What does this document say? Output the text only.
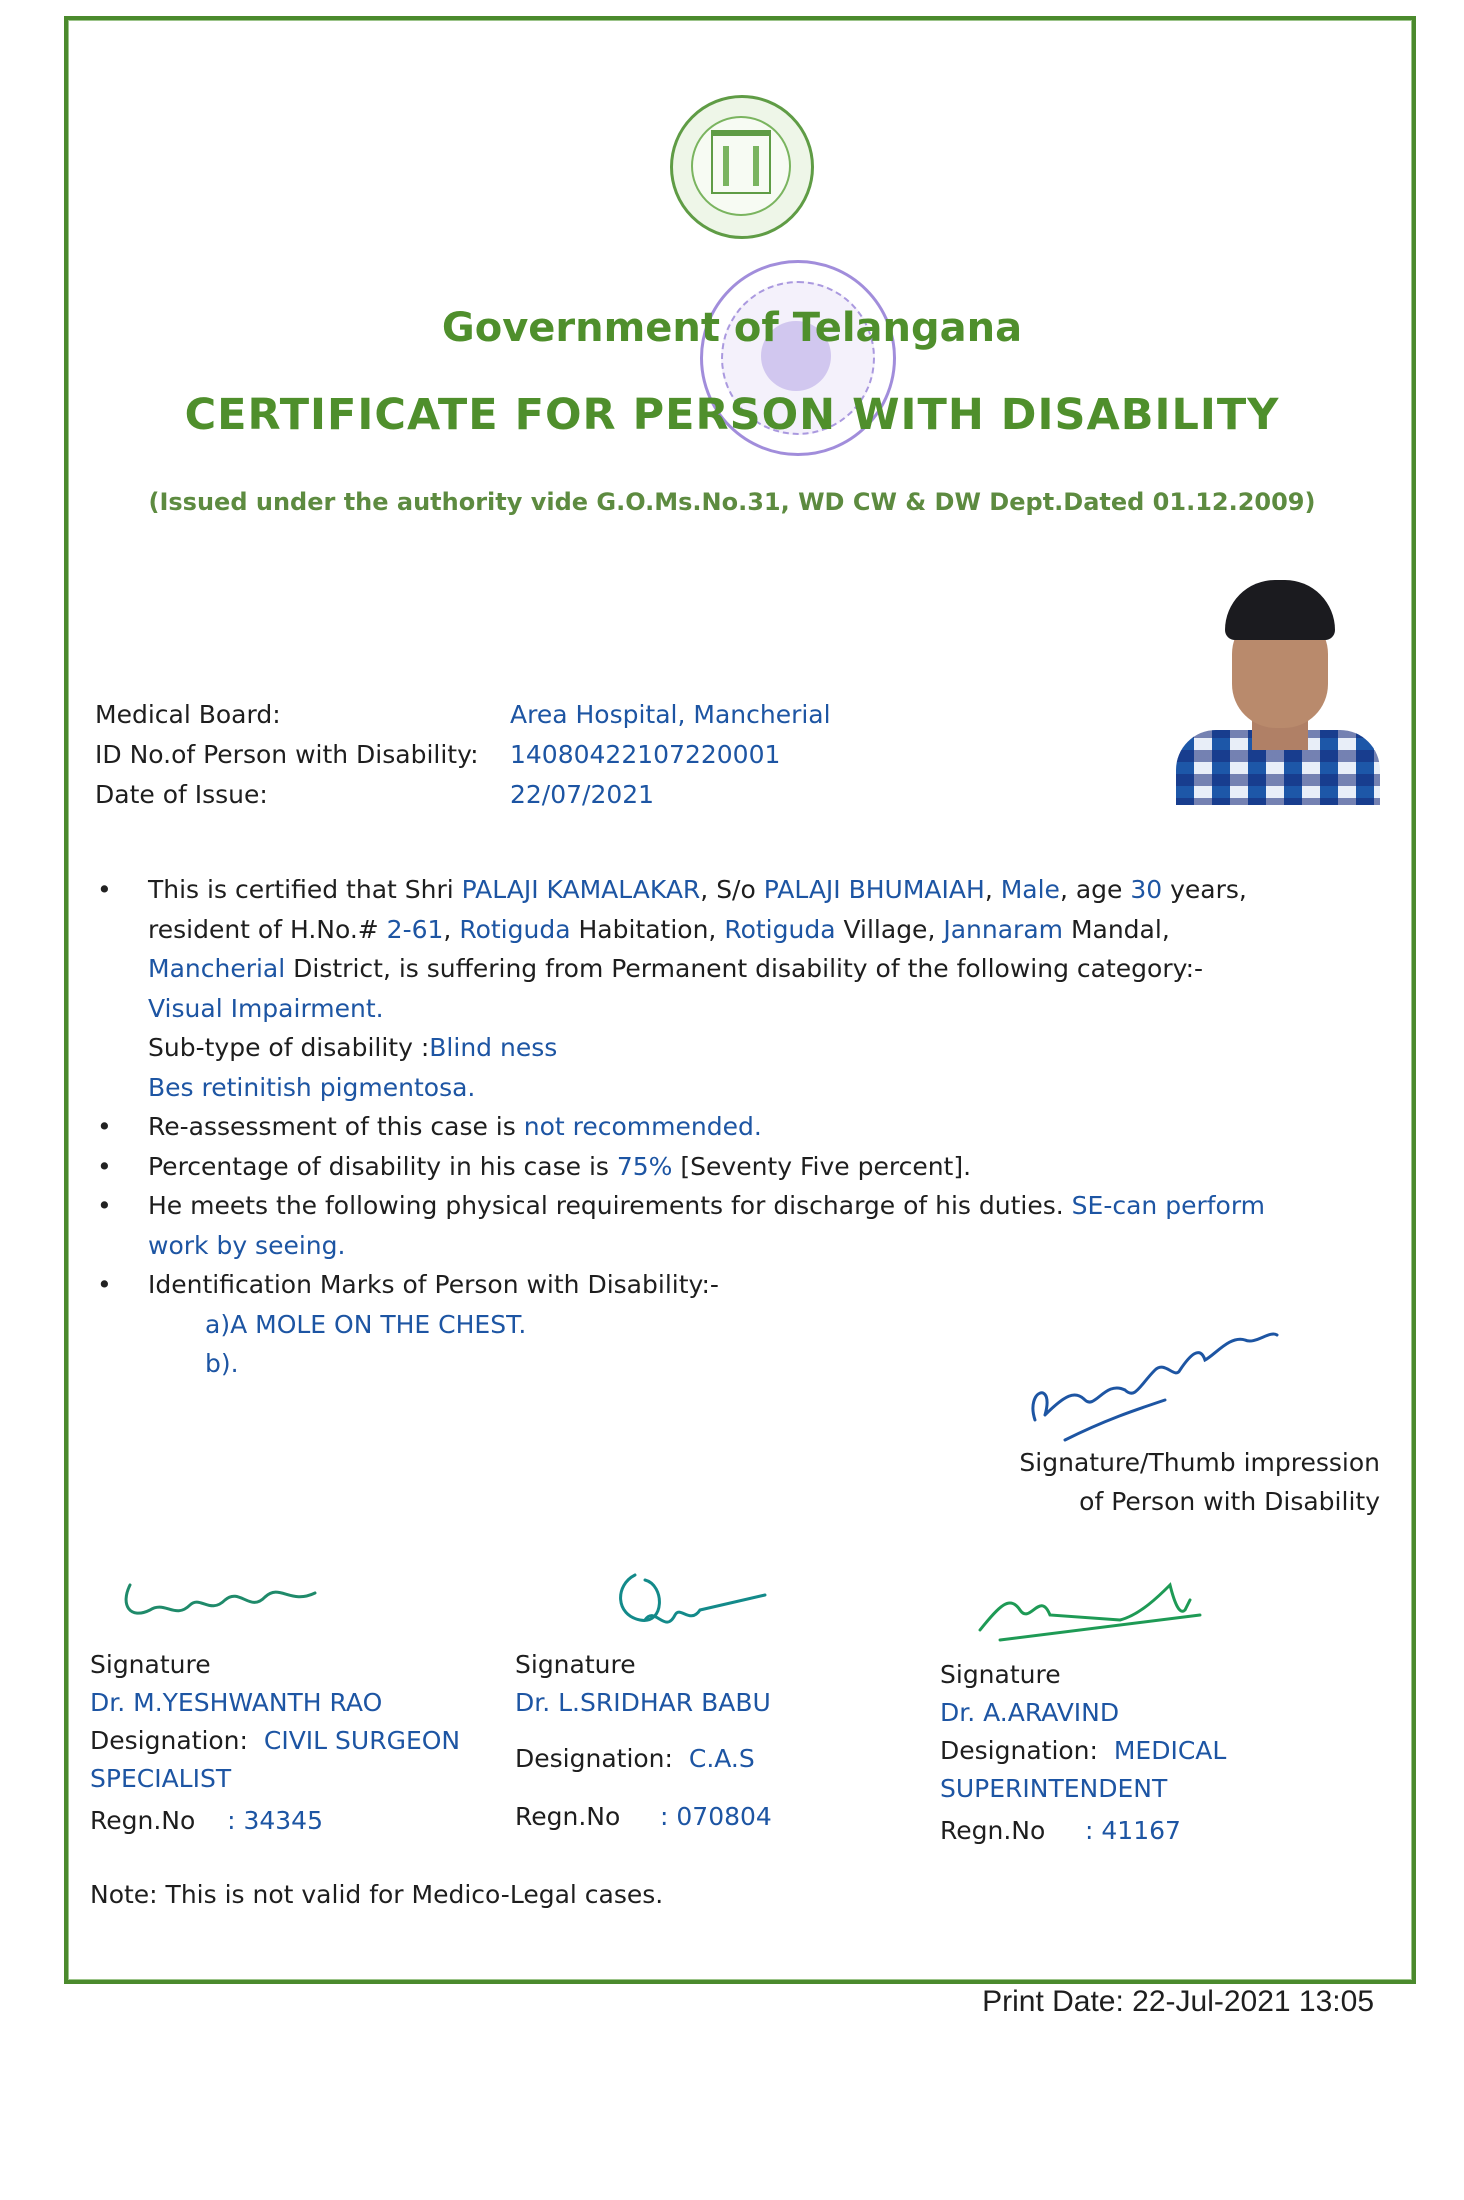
Government of Telangana
CERTIFICATE FOR PERSON WITH DISABILITY
(Issued under the authority vide G.O.Ms.No.31, WD CW & DW Dept.Dated 01.12.2009)
Medical Board:	Area Hospital, Mancherial
ID No.of Person with Disability: 14080422107220001
Date of Issue:	22/07/2021
• This is certified that Shri PALAJI KAMALAKAR, S/o PALAJI BHUMAIAH, Male, age 30 years,
resident of H.No.# 2-61, Rotiguda Habitation, Rotiguda Village, Jannaram Mandal,
Mancherial District, is suffering from Permanent disability of the following category:-
Visual Impairment.
Sub-type of disability :Blind ness
Bes retinitish pigmentosa.
• Re-assessment of this case is not recommended.
• Percentage of disability in his case is 75% [Seventy Five percent].
• He meets the following physical requirements for discharge of his duties. SE-can perform
work by seeing.
• Identification Marks of Person with Disability:-
a)A MOLE ON THE CHEST.
b).
Signature/Thumb impression
of Person with Disability
Signature
Dr. M.YESHWANTH RAO
Designation: CIVIL SURGEON
SPECIALIST
Regn.No : 34345
Signature
Dr. L.SRIDHAR BABU
Designation: C.A.S
Regn.No : 070804
Signature
Dr. A.ARAVIND
Designation: MEDICAL
SUPERINTENDENT
Regn.No : 41167
Note: This is not valid for Medico-Legal cases.
Print Date: 22-Jul-2021 13:05
